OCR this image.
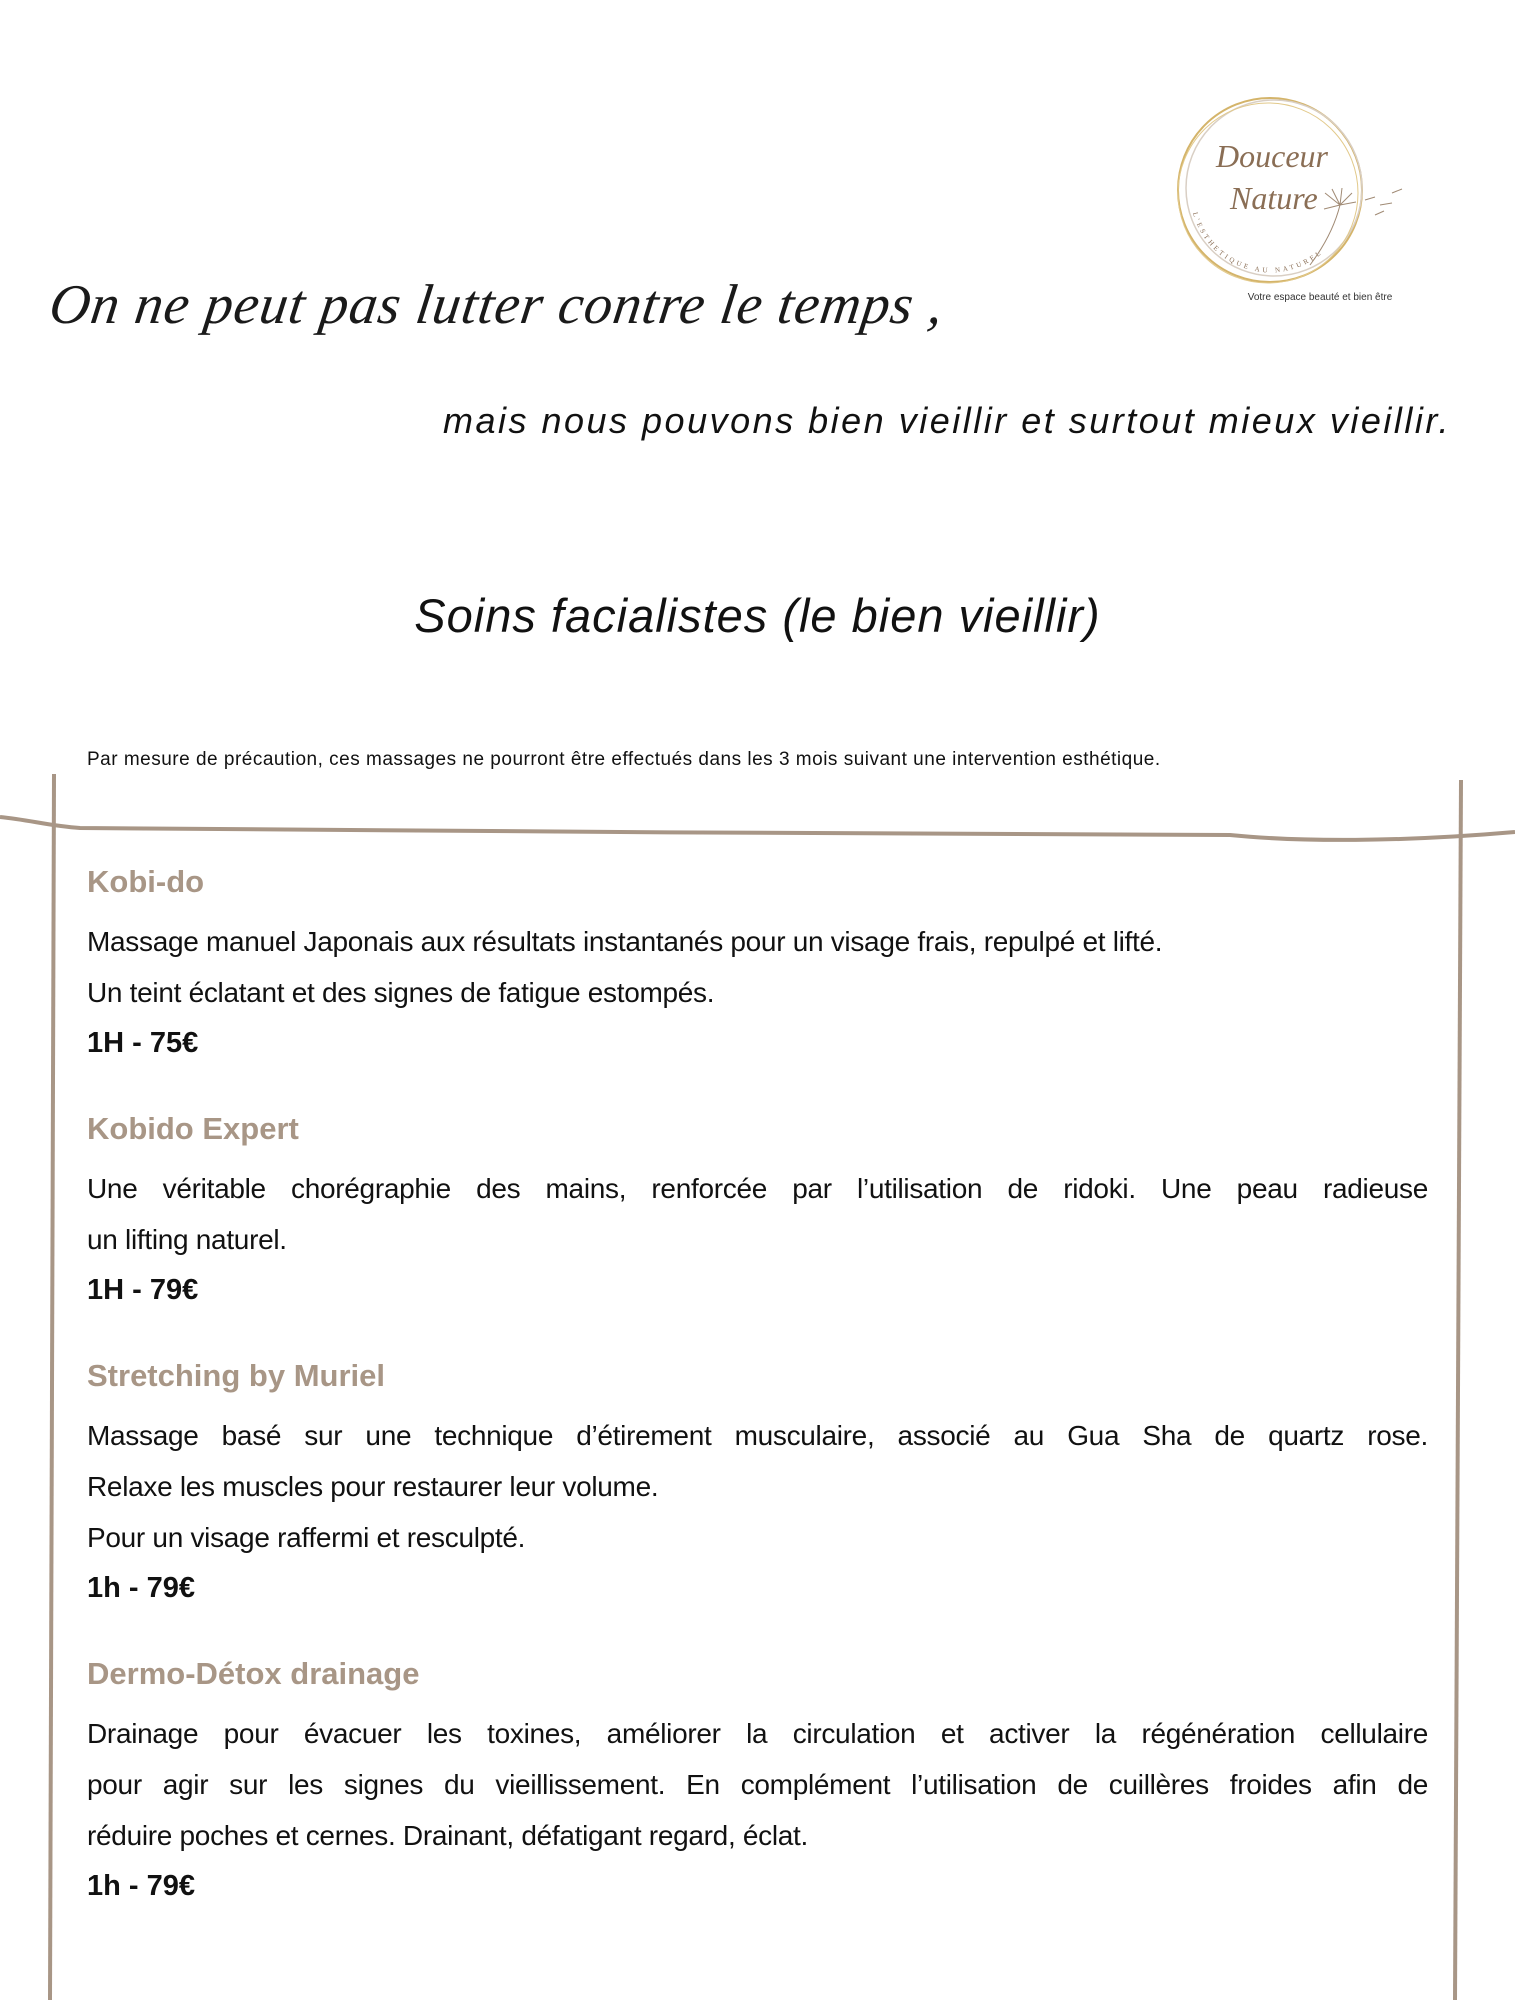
Douceur
Nature
L'ESTHETIQUE AU NATUREL
Votre espace beauté et bien être
On ne peut pas lutter contre le temps ,
mais nous pouvons bien vieillir et surtout mieux vieillir.
Soins facialistes (le bien vieillir)
Par mesure de précaution, ces massages ne pourront être effectués dans les 3 mois suivant une intervention esthétique.
Kobi-do
Massage manuel Japonais aux résultats instantanés pour un visage frais, repulpé et lifté.
Un teint éclatant et des signes de fatigue estompés.
1H - 75€
Kobido Expert
Une véritable chorégraphie des mains, renforcée par l’utilisation de ridoki. Une peau radieuse
un lifting naturel.
1H - 79€
Stretching by Muriel
Massage basé sur une technique d’étirement musculaire, associé au Gua Sha de quartz rose.
Relaxe les muscles pour restaurer leur volume.
Pour un visage raffermi et resculpté.
1h - 79€
Dermo-Détox drainage
Drainage pour évacuer les toxines, améliorer la circulation et activer la régénération cellulaire
pour agir sur les signes du vieillissement. En complément l’utilisation de cuillères froides afin de
réduire poches et cernes. Drainant, défatigant regard, éclat.
1h - 79€
